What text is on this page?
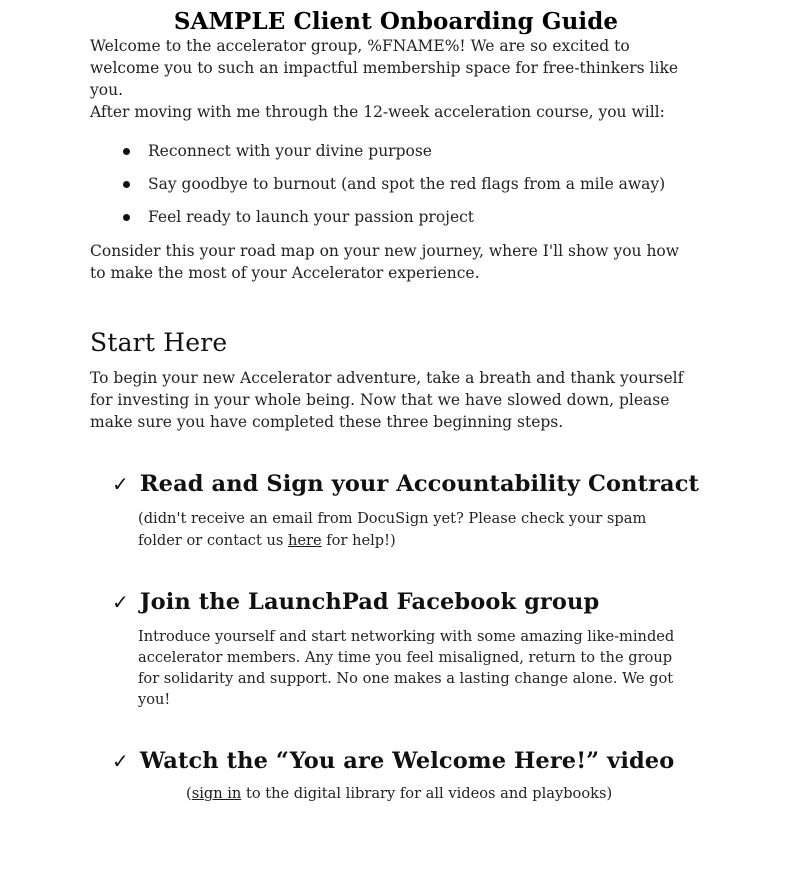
SAMPLE Client Onboarding Guide

Welcome to the accelerator group, %FNAME%! We are so excited to welcome you to such an impactful membership space for free-thinkers like you.

After moving with me through the 12-week acceleration course, you will:

Reconnect with your divine purpose
Say goodbye to burnout (and spot the red flags from a mile away)
Feel ready to launch your passion project

Consider this your road map on your new journey, where I'll show you how to make the most of your Accelerator experience.

Start Here

To begin your new Accelerator adventure, take a breath and thank yourself for investing in your whole being. Now that we have slowed down, please make sure you have completed these three beginning steps.

✓ Read and Sign your Accountability Contract
(didn't receive an email from DocuSign yet? Please check your spam folder or contact us here for help!)
✓ Join the LaunchPad Facebook group
Introduce yourself and start networking with some amazing like-minded accelerator members. Any time you feel misaligned, return to the group for solidarity and support. No one makes a lasting change alone. We got you!
✓ Watch the “You are Welcome Here!” video
(sign in to the digital library for all videos and playbooks)
